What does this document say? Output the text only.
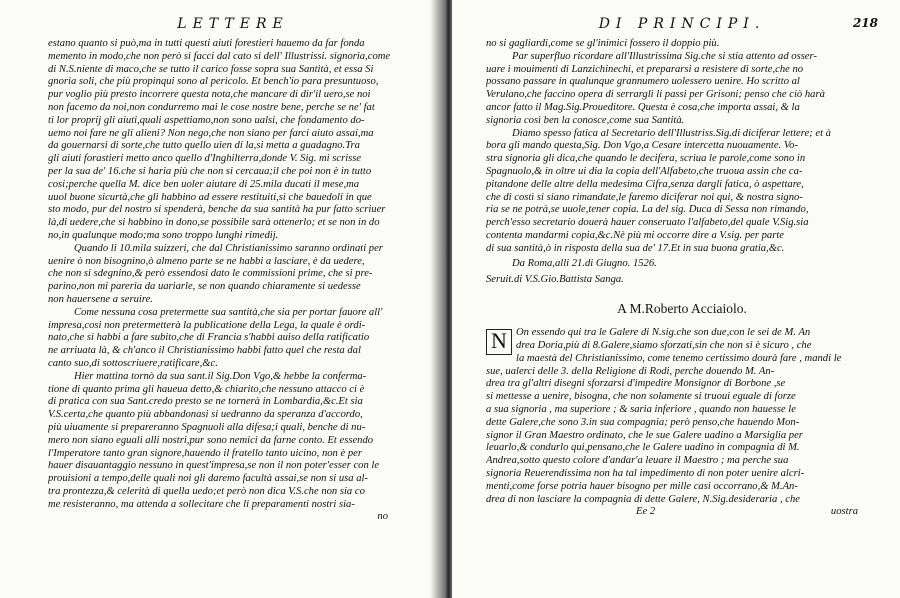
LETTERE
estano quanto si può,ma in tutti questi aiuti forestieri hauemo da far fonda
memento in modo,che non però si facci dal cato si dell' Illustrissi. signoria,come
di N.S.niente di maco,che se tutto il carico fosse sopra sua Santità, et essa Si
gnoria soli, che più propinqui sono al pericolo. Et bench'io para presuntuoso,
pur voglio più presto incorrere questa nota,che mancare di dir'il uero,se noi
non facemo da noi,non condurremo mai le cose nostre bene, perche se ne' fat
ti lor proprij gli aiuti,quali aspettiamo,non sono ualsi, che fondamento do-
uemo noi fare ne gli alieni? Non nego,che non siano per farci aiuto assai,ma
da gouernarsi di sorte,che tutto quello uien di la,si metta a guadagno.Tra
gli aiuti forastieri metto anco quello d'Inghilterra,donde V. Sig. mi scrisse
per la sua de' 16.che si haria più che non si cercaua;il che poi non è in tutto
cosi;perche quella M. dice ben uoler aiutare di 25.mila ducati il mese,ma
uuol buone sicurtà,che gli habbino ad essere restituiti,si che bauedoli in que
sto modo, pur del nostro si spenderà, benche da sua santità ha pur fatto scriuer
là,di uedere,che si habbino in dono,se possibile sarà ottenerlo; et se non in do
no,in qualunque modo;ma sono troppo lunghi rimedij.
Quando li 10.mila suizzeri, che dal Christianissimo saranno ordinati per
uenire ò non bisognino,ò almeno parte se ne habbi a lasciare, è da uedere,
che non si sdegnino,& però essendosi dato le commissioni prime, che si pre-
parino,non mi pareria da uariarle, se non quando chiaramente si uedesse
non hauersene a seruire.
Come nessuna cosa pretermette sua santità,che sia per portar fauore all'
impresa,cosi non pretermetterà la publicatione della Lega, la quale è ordi-
nato,che si habbi a fare subito,che di Francia s'habbi auiso della ratificatio
ne arriuata là, & ch'anco il Christianissimo habbi fatto quel che resta dal
canto suo,di sottoscriuere,ratificare,&c.
Hier mattina tornò da sua sant.il Sig.Don Vgo,& hebbe la conferma-
tione di quanto prima gli haueua detto,& chiarito,che nessuno attacco ci è
di pratica con sua Sant.credo presto se ne tornerà in Lombardia,&c.Et sia
V.S.certa,che quanto più abbandonasi si uedranno da speranza d'accordo,
più uiuamente si prepareranno Spagnuoli alla difesa;i quali, benche di nu-
mero non siano eguali alli nostri,pur sono nemici da farne conto. Et essendo
l'Imperatore tanto gran signore,hauendo il fratello tanto uicino, non è per
hauer disauantaggio nessuno in quest'impresa,se non il non poter'esser con le
prouisioni a tempo,delle quali noi gli daremo facultà assai,se non si usa al-
tra prontezza,& celerità di quella uedo;et però non dica V.S.che non sia co
me resisteranno, ma attenda a sollecitare che li preparamenti nostri sia-
no
DI PRINCIPI.	218
no si gagliardi,come se gl'inimici fossero il doppio più.
Par superfluo ricordare all'Illustrissima Sig.che si stia attento ad osser-
uare i mouimenti di Lanzichinechi, et prepararsi a resistere di sorte,che no
possano passare in qualunque grannumero uolessero uenire. Ho scritto al
Verulano,che faccino opera di serrargli li passi per Grisoni; penso che ciò harà
ancor fatto il Mag.Sig.Proueditore. Questa è cosa,che importa assai, & la
signoria così ben la conosce,come sua Santità.
Diamo spesso fatica al Secretario dell'Illustriss.Sig.di diciferar lettere; et à
bora gli mando questa,Sig. Don Vgo,a Cesare intercetta nuouamente. Vo-
stra signoria gli dica,che quando le decifera, scriua le parole,come sono in
Spagnuolo,& in oltre ui dia la copia dell'Alfabeto,che truoua assin che ca-
pitandone delle altre della medesima Cifra,senza dargli fatica, ò aspettare,
che di costì si siano rimandate,le faremo diciferar noi qui, & nostra signo-
ria se ne potrà,se uuole,tener copia. La del sig. Duca di Sessa non rimando,
perch'esso secretario douerà hauer conseruato l'alfabeto,del quale V.Sig.sia
contenta mandarmi copia,&c.Nè più mi occorre dire a V.sig. per parte
di sua santità,ò in risposta della sua de' 17.Et in sua buona gratia,&c.

Da Roma,alli 21.di Giugno. 1526.

Seruit.di V.S.Gio.Battista Sanga.

A M.Roberto Acciaiolo.
N On essendo qui tra le Galere di N.sig.che son due,con le sei de M. An
drea Doria,più di 8.Galere,siamo sforzati,sin che non si è sicuro , che
la maestà del Christianissimo, come tenemo certissimo dourà fare , mandi le
sue, ualerci delle 3. della Religione di Rodi, perche douendo M. An-
drea tra gl'altri disegni sforzarsi d'impedire Monsignor di Borbone ,se
si mettesse a uenire, bisogna, che non solamente si truoui eguale di forze
a sua signoria , ma superiore ; & saria inferiore , quando non hauesse le
dette Galere,che sono 3.in sua compagnia; però penso,che hauendo Mon-
signor il Gran Maestro ordinato, che le sue Galere uadino a Marsiglia per
leuarlo,& condurlo qui,pensano,che le Galere uadino in compagnia di M.
Andrea,sotto questo colore d'andar'a leuare il Maestro ; ma perche sua
signoria Reuerendissima non ha tal impedimento di non poter uenire alcri-
menti,come forse potria hauer bisogno per mille casi occorrano,& M.An-
drea di non lasciare la compagnia di dette Galere, N.Sig.desideraria , che
Ee 2	uostra
